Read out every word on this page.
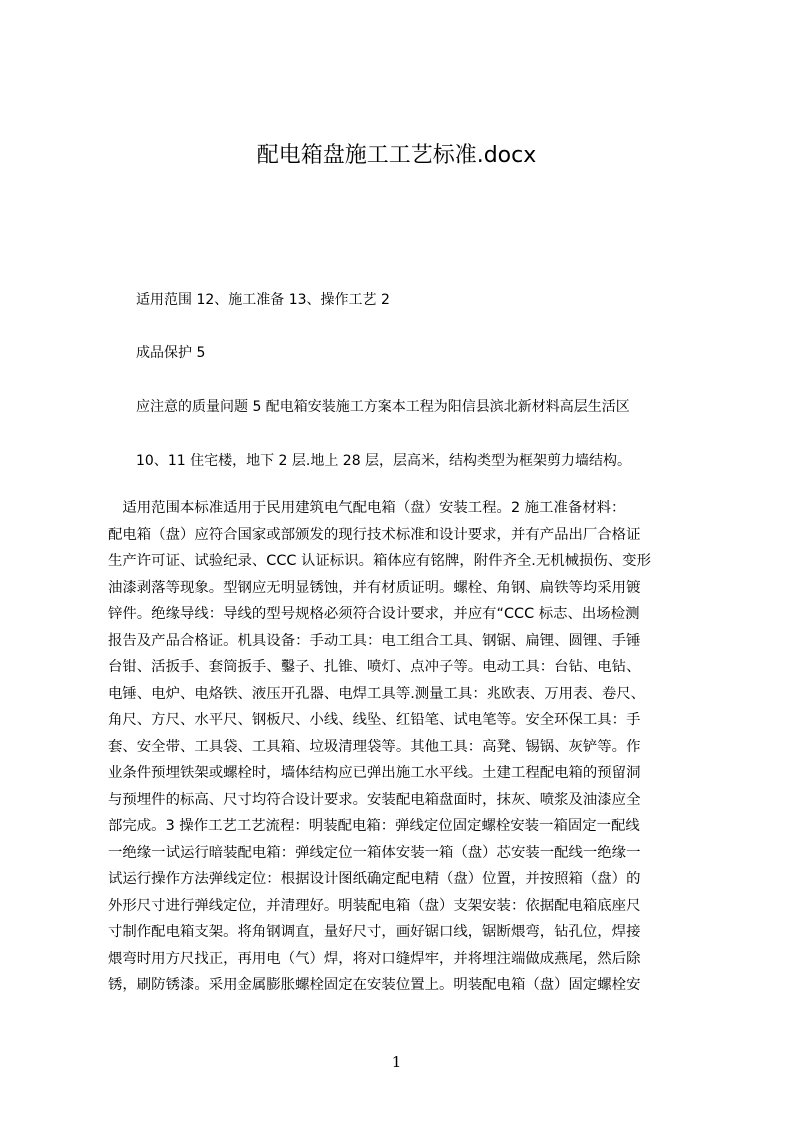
配电箱盘施工工艺标准.docx
适用范围 12、施工准备 13、操作工艺 2
成品保护 5
应注意的质量问题 5 配电箱安装施工方案本工程为阳信县滨北新材料高层生活区
10、11 住宅楼，地下 2 层.地上 28 层，层高米，结构类型为框架剪力墙结构。
　适用范围本标准适用于民用建筑电气配电箱（盘）安装工程。2 施工准备材料：
配电箱（盘）应符合国家或部颁发的现行技术标准和设计要求，并有产品出厂合格证
生产许可证、试验纪录、CCC 认证标识。箱体应有铭牌，附件齐全.无机械损伤、变形
油漆剥落等现象。型钢应无明显锈蚀，并有材质证明。螺栓、角钢、扁铁等均采用镀
锌件。绝缘导线：导线的型号规格必须符合设计要求，并应有“CCC 标志、出场检测
报告及产品合格证。机具设备：手动工具：电工组合工具、钢锯、扁锂、圆锂、手锤
台钳、活扳手、套筒扳手、鑿子、扎锥、喷灯、点冲子等。电动工具：台钻、电钻、
电锤、电炉、电烙铁、液压开孔器、电焊工具等.测量工具：兆欧表、万用表、卷尺、
角尺、方尺、水平尺、钢板尺、小线、线坠、红铅笔、试电笔等。安全环保工具：手
套、安全带、工具袋、工具箱、垃圾清理袋等。其他工具：高凳、锡锅、灰铲等。作
业条件预埋铁架或螺栓时，墙体结构应已弹出施工水平线。土建工程配电箱的预留洞
与预埋件的标高、尺寸均符合设计要求。安装配电箱盘面时，抹灰、喷浆及油漆应全
部完成。3 操作工艺工艺流程：明装配电箱：弹线定位固定螺栓安装一箱固定一配线
一绝缘一试运行暗装配电箱：弹线定位一箱体安装一箱（盘）芯安装一配线一绝缘一
试运行操作方法弹线定位：根据设计图纸确定配电精（盘）位置，并按照箱（盘）的
外形尺寸进行弹线定位，并清理好。明装配电箱（盘）支架安装：依据配电箱底座尺
寸制作配电箱支架。将角钢调直，量好尺寸，画好锯口线，锯断煨弯，钻孔位，焊接
煨弯时用方尺找正，再用电（气）焊，将对口缝焊牢，并将埋注端做成燕尾，然后除
锈，刷防锈漆。采用金属膨胀螺栓固定在安装位置上。明装配电箱（盘）固定螺栓安
1
